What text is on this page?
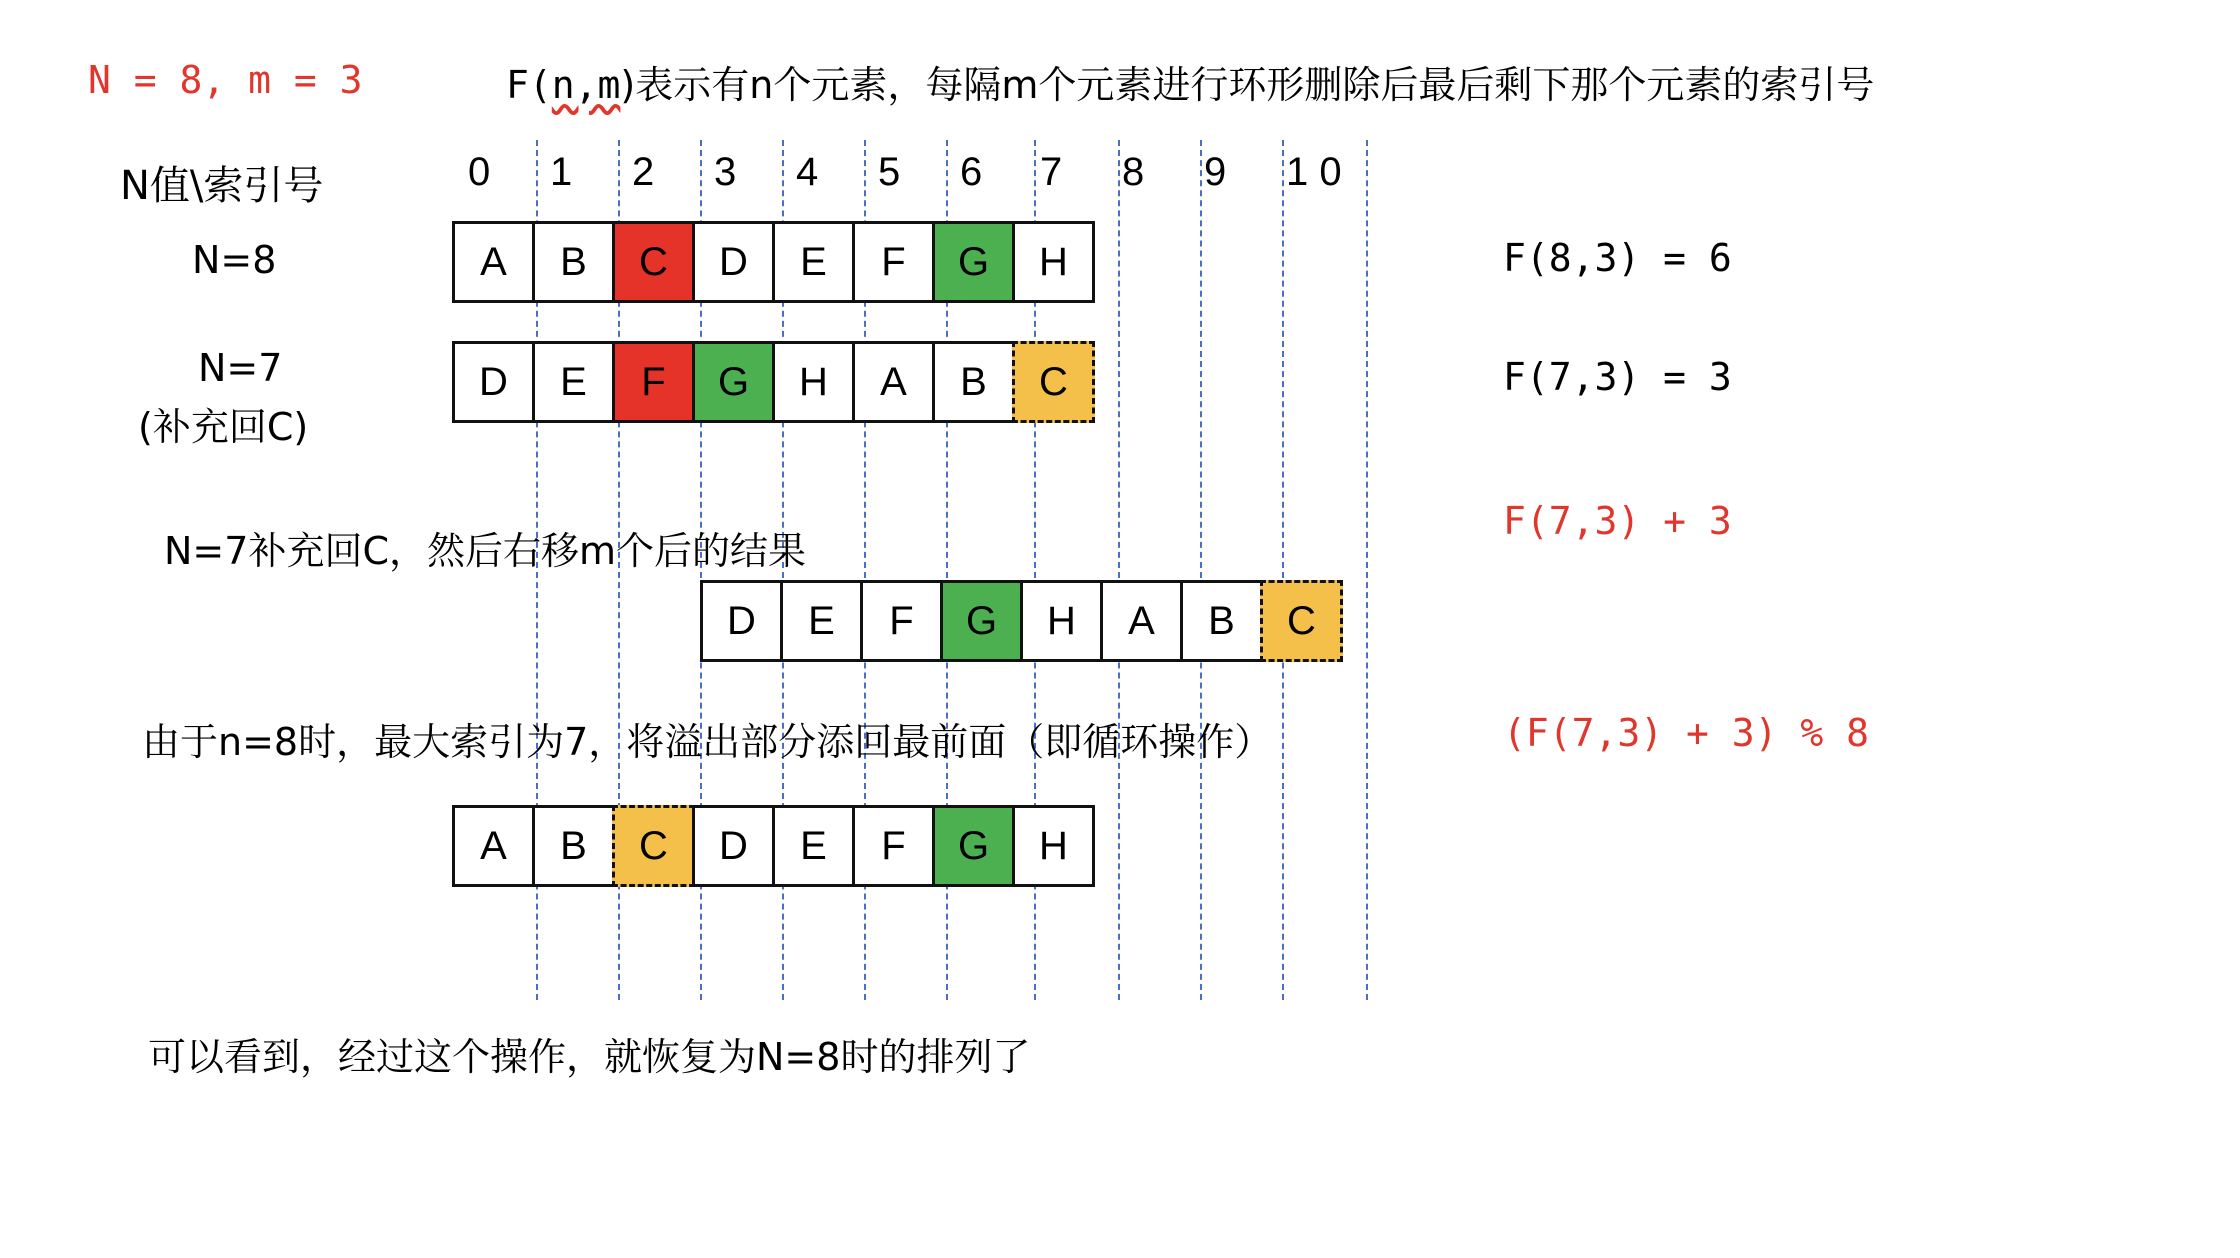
N = 8, m = 3	F(n,m)表示有n个元素，每隔m个元素进行环形删除后最后剩下那个元素的索引号
N值\索引号	0 1 2 3 4 5 6 7 8 9 1 0
N=8	A	B	C	D	E	F	G	H	F(8,3) = 6
N=7
(补充回C)
D	E	F	G	H	A	B	C	F(7,3) = 3
N=7补充回C，然后右移m个后的结果
D	E	F	G	H	A	B	C
F(7,3) + 3
由于n=8时，最大索引为7，将溢出部分添回最前面（即循环操作）
A	B	C	D	E	F	G	H
(F(7,3) + 3) % 8
可以看到，经过这个操作，就恢复为N=8时的排列了
